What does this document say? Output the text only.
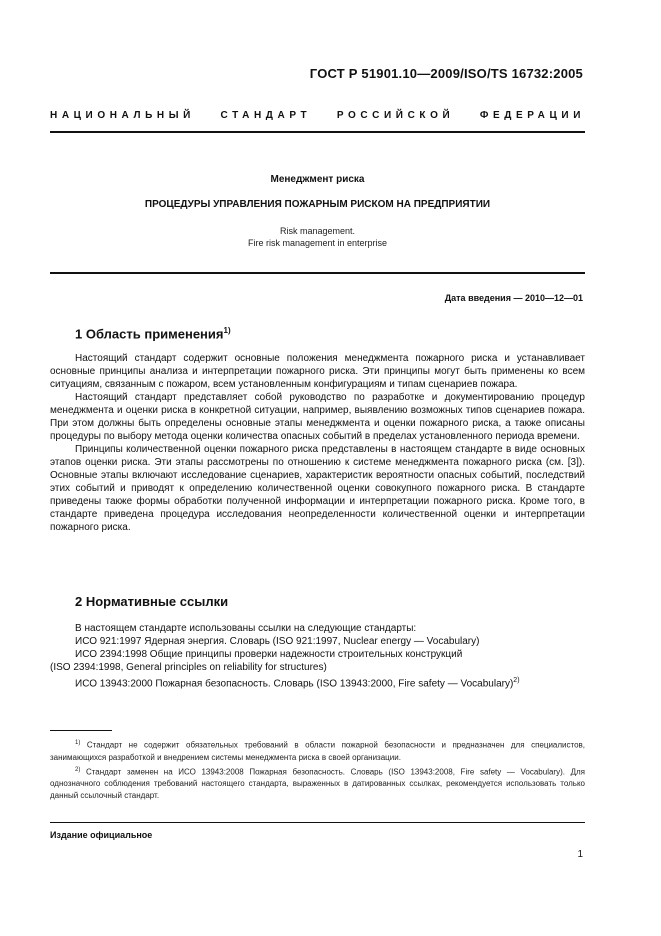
ГОСТ Р 51901.10—2009/ISO/TS 16732:2005
НАЦИОНАЛЬНЫЙ	СТАНДАРТ	РОССИЙСКОЙ	ФЕДЕРАЦИИ
Менеджмент риска
ПРОЦЕДУРЫ УПРАВЛЕНИЯ ПОЖАРНЫМ РИСКОМ НА ПРЕДПРИЯТИИ
Risk management.
Fire risk management in enterprise
Дата введения — 2010—12—01
1 Область применения$^{1)}$

Настоящий стандарт содержит основные положения менеджмента пожарного риска и устанавливает основные принципы анализа и интерпретации пожарного риска. Эти принципы могут быть применены ко всем ситуациям, связанным с пожаром, всем установленным конфигурациям и типам сценариев пожара.

Настоящий стандарт представляет собой руководство по разработке и документированию процедур менеджмента и оценки риска в конкретной ситуации, например, выявлению возможных типов сценариев пожара. При этом должны быть определены основные этапы менеджмента и оценки пожарного риска, а также описаны процедуры по выбору метода оценки количества опасных событий в пределах установленного периода времени.

Принципы количественной оценки пожарного риска представлены в настоящем стандарте в виде основных этапов оценки риска. Эти этапы рассмотрены по отношению к системе менеджмента пожарного риска (см. [3]). Основные этапы включают исследование сценариев, характеристик вероятности опасных событий, последствий этих событий и приводят к определению количественной оценки совокупного пожарного риска. В стандарте приведены также формы обработки полученной информации и интерпретации пожарного риска. Кроме того, в стандарте приведена процедура исследования неопределенности количественной оценки и интерпретации пожарного риска.

2 Нормативные ссылки

В настоящем стандарте использованы ссылки на следующие стандарты:

ИСО 921:1997 Ядерная энергия. Словарь (ISO 921:1997, Nuclear energy — Vocabulary)

ИСО 2394:1998 Общие принципы проверки надежности строительных конструкций

(ISO 2394:1998, General principles on reliability for structures)

ИСО 13943:2000 Пожарная безопасность. Словарь (ISO 13943:2000, Fire safety — Vocabulary)$^{2)}$

$^{1)}$ Стандарт не содержит обязательных требований в области пожарной безопасности и предназначен для специалистов, занимающихся разработкой и внедрением системы менеджмента риска в своей организации.

$^{2)}$ Стандарт заменен на ИСО 13943:2008 Пожарная безопасность. Словарь (ISO 13943:2008, Fire safety — Vocabulary). Для однозначного соблюдения требований настоящего стандарта, выраженных в датированных ссылках, рекомендуется использовать только данный ссылочный стандарт.

Издание официальное
1
